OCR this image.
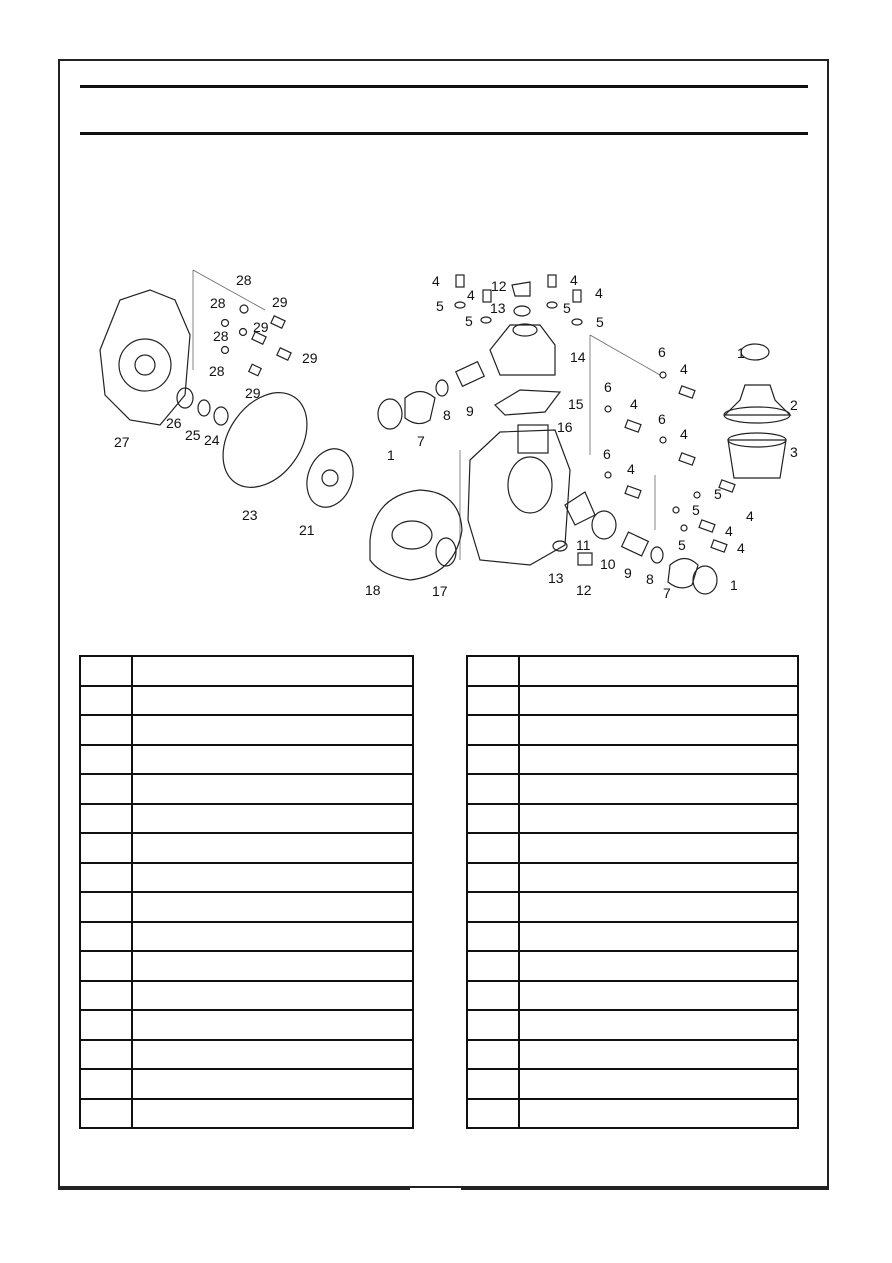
1
1
1
2
3
4
4
4
4
4
4
4
4
4
4
4
5
5
5
5
5
5
5
6
6
6
6
7
7
8
8
9
9
10
11
12
12
13
13
14
15
16
17
18
21
23
24
25
26
27
28
28
28
28
29
29
29
29
